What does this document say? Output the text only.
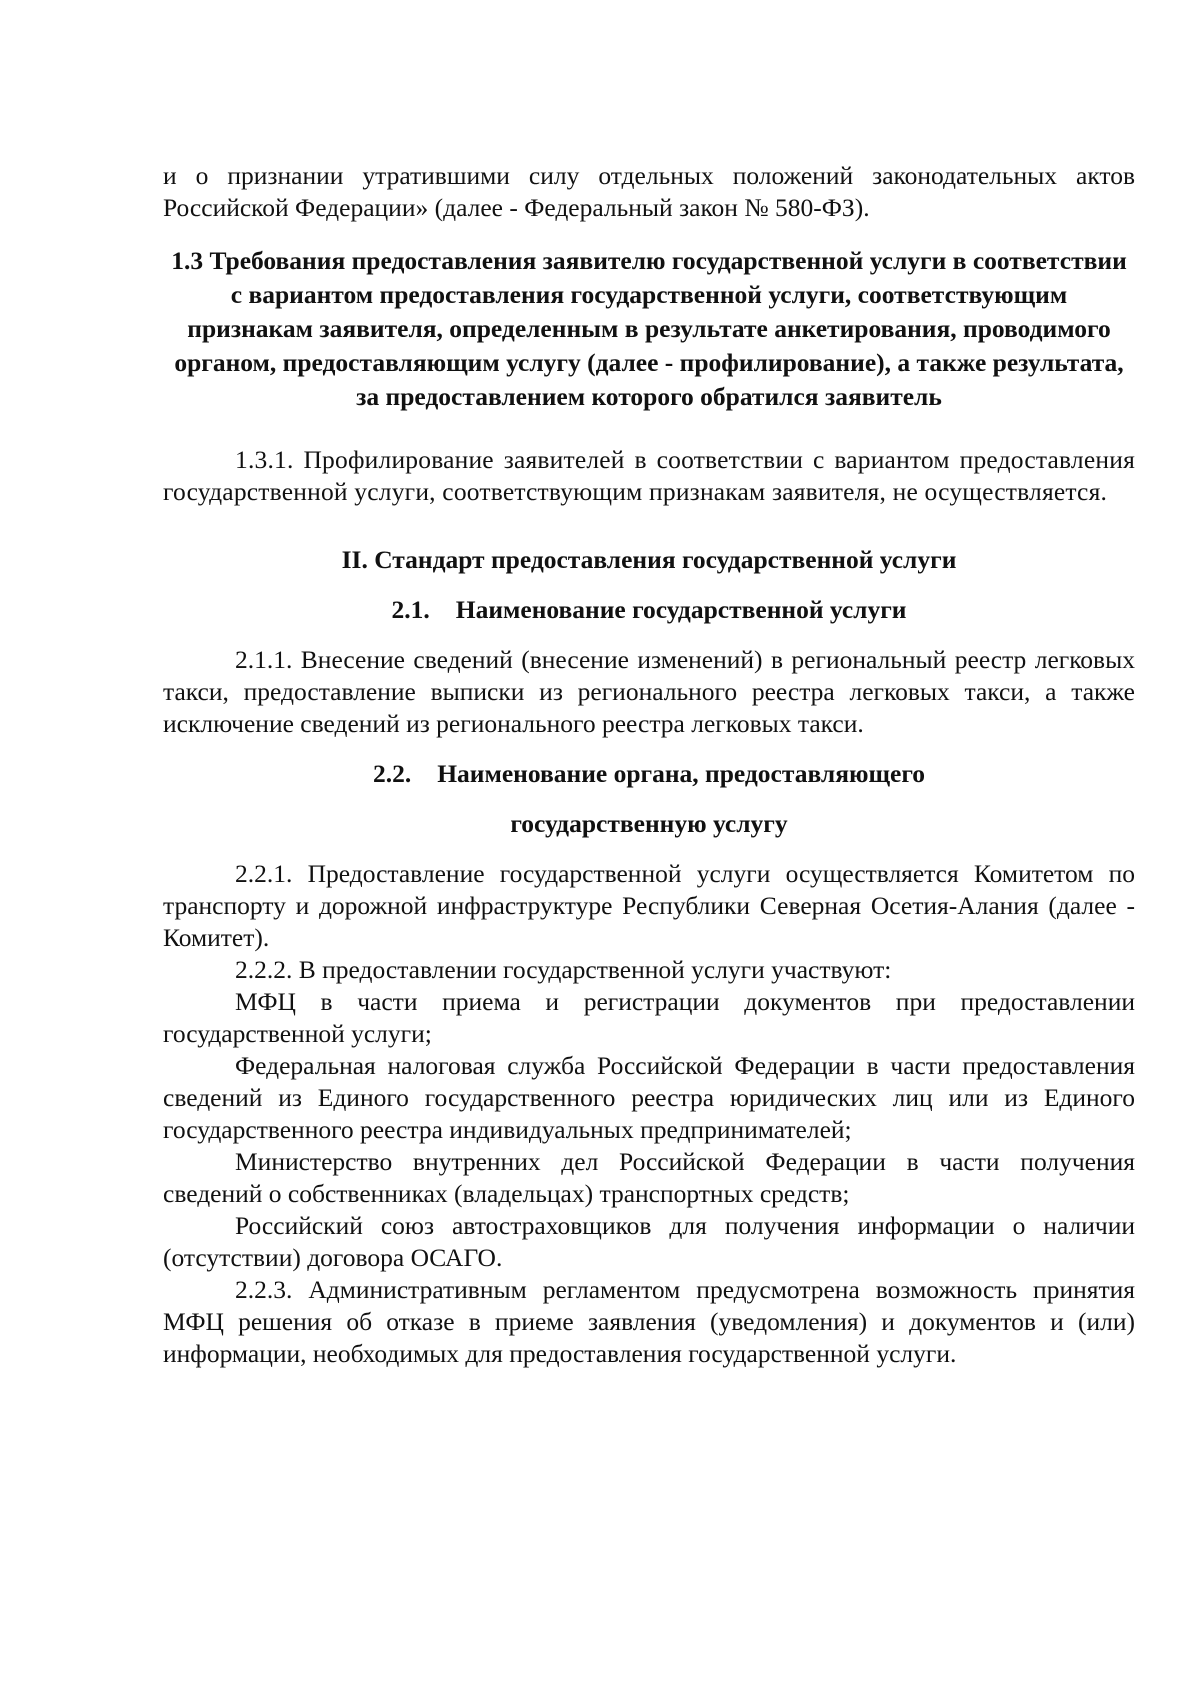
и о признании утратившими силу отдельных положений законодательных актов Российской Федерации» (далее - Федеральный закон № 580-ФЗ).

1.3 Требования предоставления заявителю государственной услуги в соответствии с вариантом предоставления государственной услуги, соответствующим признакам заявителя, определенным в результате анкетирования, проводимого органом, предоставляющим услугу (далее - профилирование), а также результата, за предоставлением которого обратился заявитель

1.3.1. Профилирование заявителей в соответствии с вариантом предоставления государственной услуги, соответствующим признакам заявителя, не осуществляется.

II. Стандарт предоставления государственной услуги

2.1. Наименование государственной услуги

2.1.1. Внесение сведений (внесение изменений) в региональный реестр легковых такси, предоставление выписки из регионального реестра легковых такси, а также исключение сведений из регионального реестра легковых такси.

2.2. Наименование органа, предоставляющего

государственную услугу

2.2.1. Предоставление государственной услуги осуществляется Комитетом по транспорту и дорожной инфраструктуре Республики Северная Осетия-Алания (далее - Комитет).

2.2.2. В предоставлении государственной услуги участвуют:

МФЦ в части приема и регистрации документов при предоставлении государственной услуги;

Федеральная налоговая служба Российской Федерации в части предоставления сведений из Единого государственного реестра юридических лиц или из Единого государственного реестра индивидуальных предпринимателей;

Министерство внутренних дел Российской Федерации в части получения сведений о собственниках (владельцах) транспортных средств;

Российский союз автостраховщиков для получения информации о наличии (отсутствии) договора ОСАГО.

2.2.3. Административным регламентом предусмотрена возможность принятия МФЦ решения об отказе в приеме заявления (уведомления) и документов и (или) информации, необходимых для предоставления государственной услуги.
